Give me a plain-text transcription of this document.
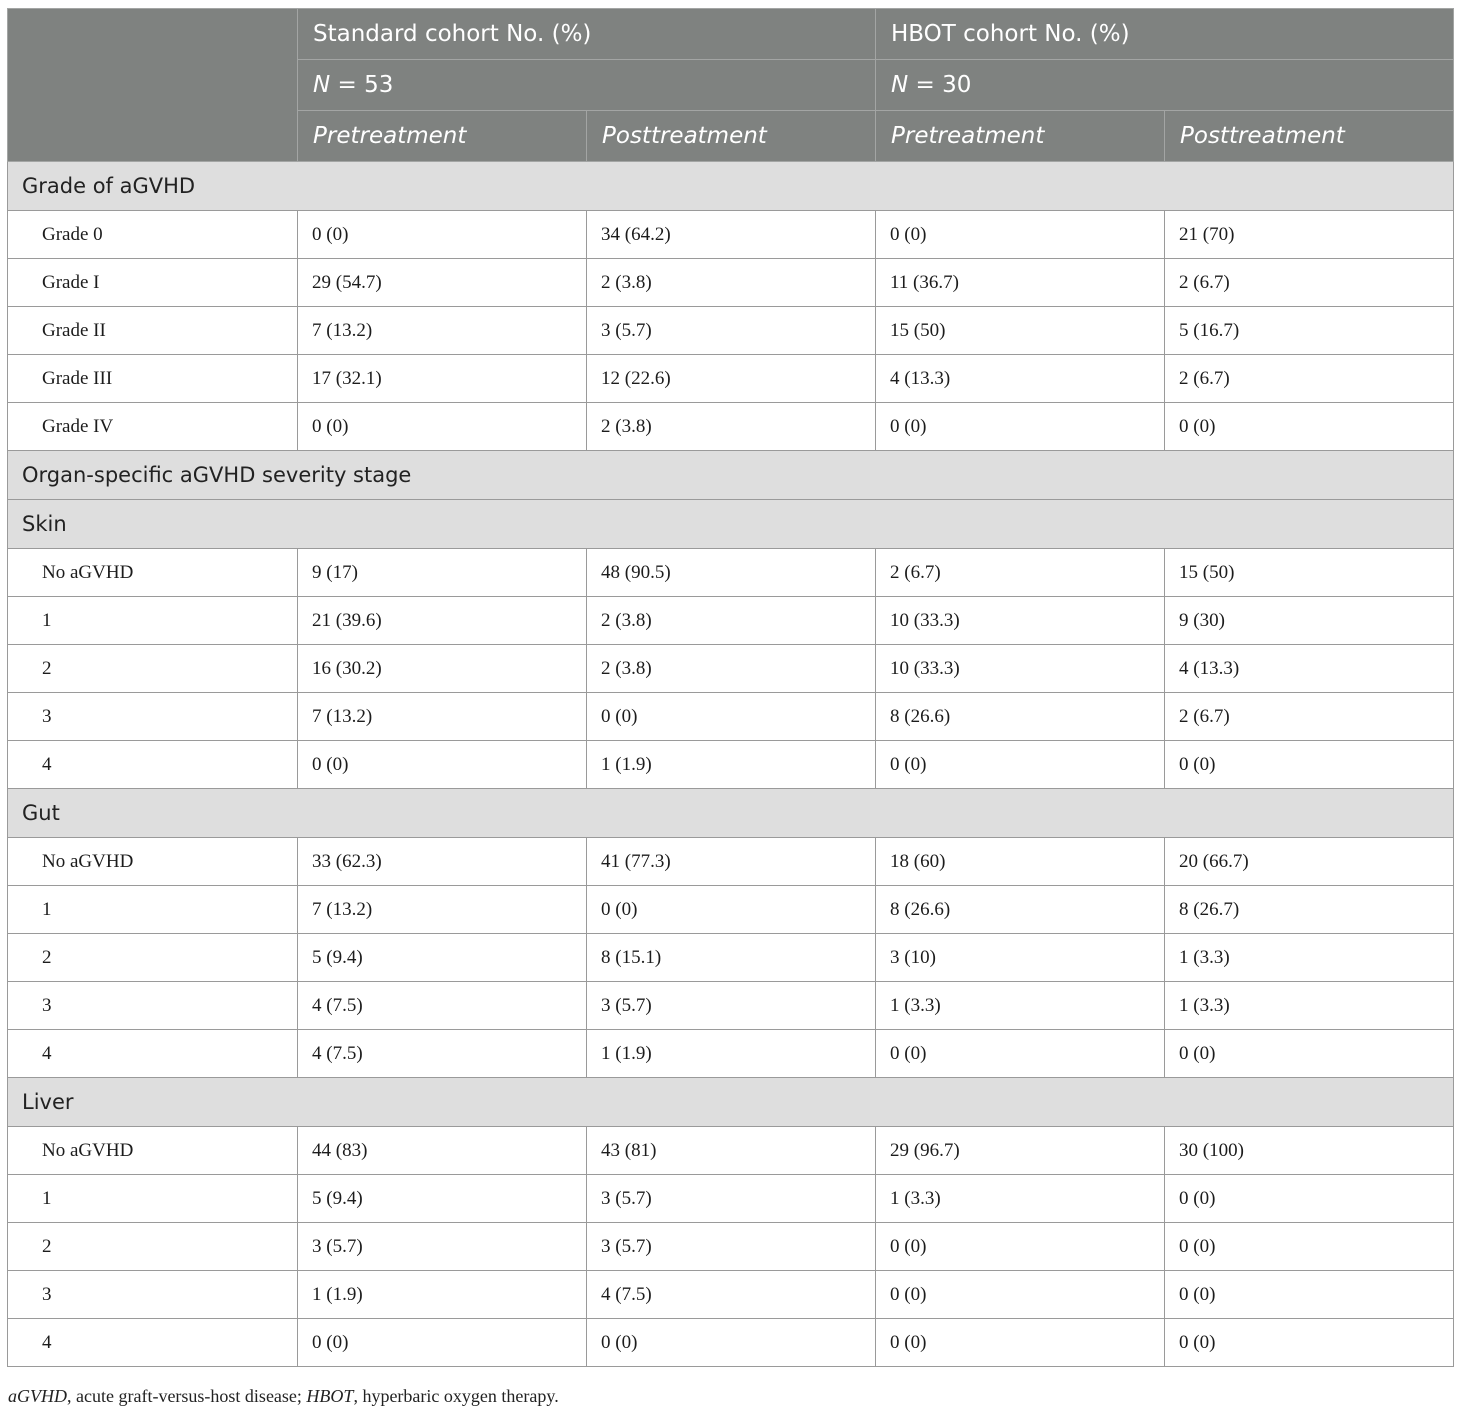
	Standard cohort No. (%)		HBOT cohort No. (%)	
	N = 53		N = 30	
	Pretreatment	Posttreatment	Pretreatment	Posttreatment
Grade of aGVHD				
Grade 0	0 (0)	34 (64.2)	0 (0)	21 (70)
Grade I	29 (54.7)	2 (3.8)	11 (36.7)	2 (6.7)
Grade II	7 (13.2)	3 (5.7)	15 (50)	5 (16.7)
Grade III	17 (32.1)	12 (22.6)	4 (13.3)	2 (6.7)
Grade IV	0 (0)	2 (3.8)	0 (0)	0 (0)
Organ-specific aGVHD severity stage				
Skin				
No aGVHD	9 (17)	48 (90.5)	2 (6.7)	15 (50)
1	21 (39.6)	2 (3.8)	10 (33.3)	9 (30)
2	16 (30.2)	2 (3.8)	10 (33.3)	4 (13.3)
3	7 (13.2)	0 (0)	8 (26.6)	2 (6.7)
4	0 (0)	1 (1.9)	0 (0)	0 (0)
Gut				
No aGVHD	33 (62.3)	41 (77.3)	18 (60)	20 (66.7)
1	7 (13.2)	0 (0)	8 (26.6)	8 (26.7)
2	5 (9.4)	8 (15.1)	3 (10)	1 (3.3)
3	4 (7.5)	3 (5.7)	1 (3.3)	1 (3.3)
4	4 (7.5)	1 (1.9)	0 (0)	0 (0)
Liver				
No aGVHD	44 (83)	43 (81)	29 (96.7)	30 (100)
1	5 (9.4)	3 (5.7)	1 (3.3)	0 (0)
2	3 (5.7)	3 (5.7)	0 (0)	0 (0)
3	1 (1.9)	4 (7.5)	0 (0)	0 (0)
4	0 (0)	0 (0)	0 (0)	0 (0)
aGVHD, acute graft-versus-host disease; HBOT, hyperbaric oxygen therapy.
